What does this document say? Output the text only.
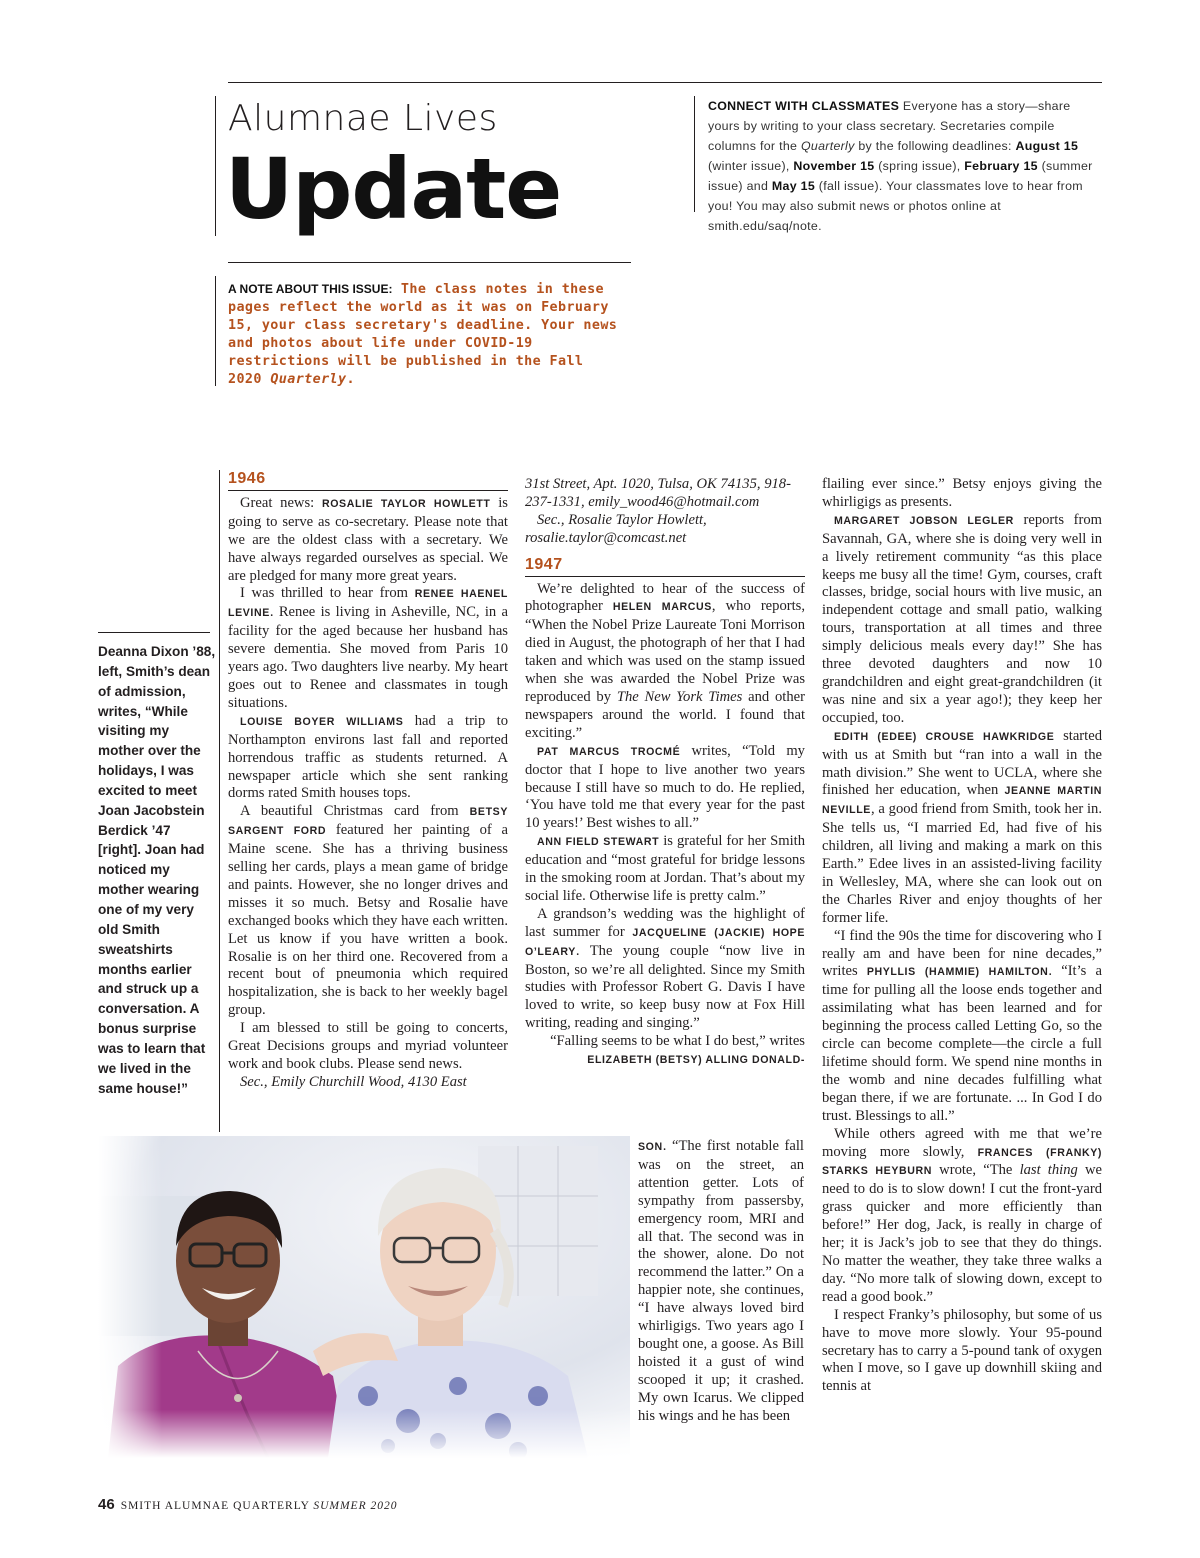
Alumnae Lives
Update
CONNECT WITH CLASSMATES Everyone has a story—share yours by writing to your class secretary. Secretaries compile columns for the Quarterly by the following deadlines: August 15 (winter issue), November 15 (spring issue), February 15 (summer issue) and May 15 (fall issue). Your classmates love to hear from you! You may also submit news or photos online at smith.edu/saq/note.
A NOTE ABOUT THIS ISSUE: The class notes in these pages reflect the world as it was on February 15, your class secretary's deadline. Your news and photos about life under COVID-19 restrictions will be published in the Fall 2020 Quarterly.
Deanna Dixon ’88, left, Smith’s dean of admission, writes, “While visiting my mother over the holidays, I was excited to meet Joan Jacobstein Berdick ’47 [right]. Joan had noticed my mother wearing one of my very old Smith sweatshirts months earlier and struck up a conversation. A bonus surprise was to learn that we lived in the same house!”
1946

Great news: ROSALIE TAYLOR HOWLETT is going to serve as co-secretary. Please note that we are the oldest class with a secretary. We have always regarded ourselves as special. We are pledged for many more great years.

I was thrilled to hear from RENEE HAENEL LEVINE. Renee is living in Asheville, NC, in a facility for the aged because her husband has severe dementia. She moved from Paris 10 years ago. Two daughters live nearby. My heart goes out to Renee and classmates in tough situations.

LOUISE BOYER WILLIAMS had a trip to Northampton environs last fall and reported horrendous traffic as students returned. A newspaper article which she sent ranking dorms rated Smith houses tops.

A beautiful Christmas card from BETSY SARGENT FORD featured her painting of a Maine scene. She has a thriving business selling her cards, plays a mean game of bridge and paints. However, she no longer drives and misses it so much. Betsy and Rosalie have exchanged books which they have each written. Let us know if you have written a book. Rosalie is on her third one. Recovered from a recent bout of pneumonia which required hospitalization, she is back to her weekly bagel group.

I am blessed to still be going to concerts, Great Decisions groups and myriad volunteer work and book clubs. Please send news.

Sec., Emily Churchill Wood, 4130 East

31st Street, Apt. 1020, Tulsa, OK 74135, 918-237-1331, emily_wood46@hotmail.com

Sec., Rosalie Taylor Howlett, rosalie.taylor@comcast.net

1947

We’re delighted to hear of the success of photographer HELEN MARCUS, who reports, “When the Nobel Prize Laureate Toni Morrison died in August, the photograph of her that I had taken and which was used on the stamp issued when she was awarded the Nobel Prize was reproduced by The New York Times and other newspapers around the world. I found that exciting.”

PAT MARCUS TROCMÉ writes, “Told my doctor that I hope to live another two years because I still have so much to do. He replied, ‘You have told me that every year for the past 10 years!’ Best wishes to all.”

ANN FIELD STEWART is grateful for her Smith education and “most grateful for bridge lessons in the smoking room at Jordan. That’s about my social life. Otherwise life is pretty calm.”

A grandson’s wedding was the highlight of last summer for JACQUELINE (JACKIE) HOPE O’LEARY. The young couple “now live in Boston, so we’re all delighted. Since my Smith studies with Professor Robert G. Davis I have loved to write, so keep busy now at Fox Hill writing, reading and singing.”

“Falling seems to be what I do best,” writes ELIZABETH (BETSY) ALLING DONALD-

SON. “The first notable fall was on the street, an attention getter. Lots of sympathy from passersby, emergency room, MRI and all that. The second was in the shower, alone. Do not recommend the latter.” On a happier note, she continues, “I have always loved bird whirligigs. Two years ago I bought one, a goose. As Bill hoisted it a gust of wind scooped it up; it crashed. My own Icarus. We clipped his wings and he has been

flailing ever since.” Betsy enjoys giving the whirligigs as presents.

MARGARET JOBSON LEGLER reports from Savannah, GA, where she is doing very well in a lively retirement community “as this place keeps me busy all the time! Gym, courses, craft classes, bridge, social hours with live music, an independent cottage and small patio, walking tours, transportation at all times and three simply delicious meals every day!” She has three devoted daughters and now 10 grandchildren and eight great-grandchildren (it was nine and six a year ago!); they keep her occupied, too.

EDITH (EDEE) CROUSE HAWKRIDGE started with us at Smith but “ran into a wall in the math division.” She went to UCLA, where she finished her education, when JEANNE MARTIN NEVILLE, a good friend from Smith, took her in. She tells us, “I married Ed, had five of his children, all living and making a mark on this Earth.” Edee lives in an assisted-living facility in Wellesley, MA, where she can look out on the Charles River and enjoy thoughts of her former life.

“I find the 90s the time for discovering who I really am and have been for nine decades,” writes PHYLLIS (HAMMIE) HAMILTON. “It’s a time for pulling all the loose ends together and assimilating what has been learned and for beginning the process called Letting Go, so the circle can become complete—the circle a full lifetime should form. We spend nine months in the womb and nine decades fulfilling what began there, if we are fortunate. ... In God I do trust. Blessings to all.”

While others agreed with me that we’re moving more slowly, FRANCES (FRANKY) STARKS HEYBURN wrote, “The last thing we need to do is to slow down! I cut the front-yard grass quicker and more efficiently than before!” Her dog, Jack, is really in charge of her; it is Jack’s job to see that they do things. No matter the weather, they take three walks a day. “No more talk of slowing down, except to read a good book.”

I respect Franky’s philosophy, but some of us have to move more slowly. Your 95-pound secretary has to carry a 5-pound tank of oxygen when I move, so I gave up downhill skiing and tennis at

46 SMITH ALUMNAE QUARTERLY SUMMER 2020
